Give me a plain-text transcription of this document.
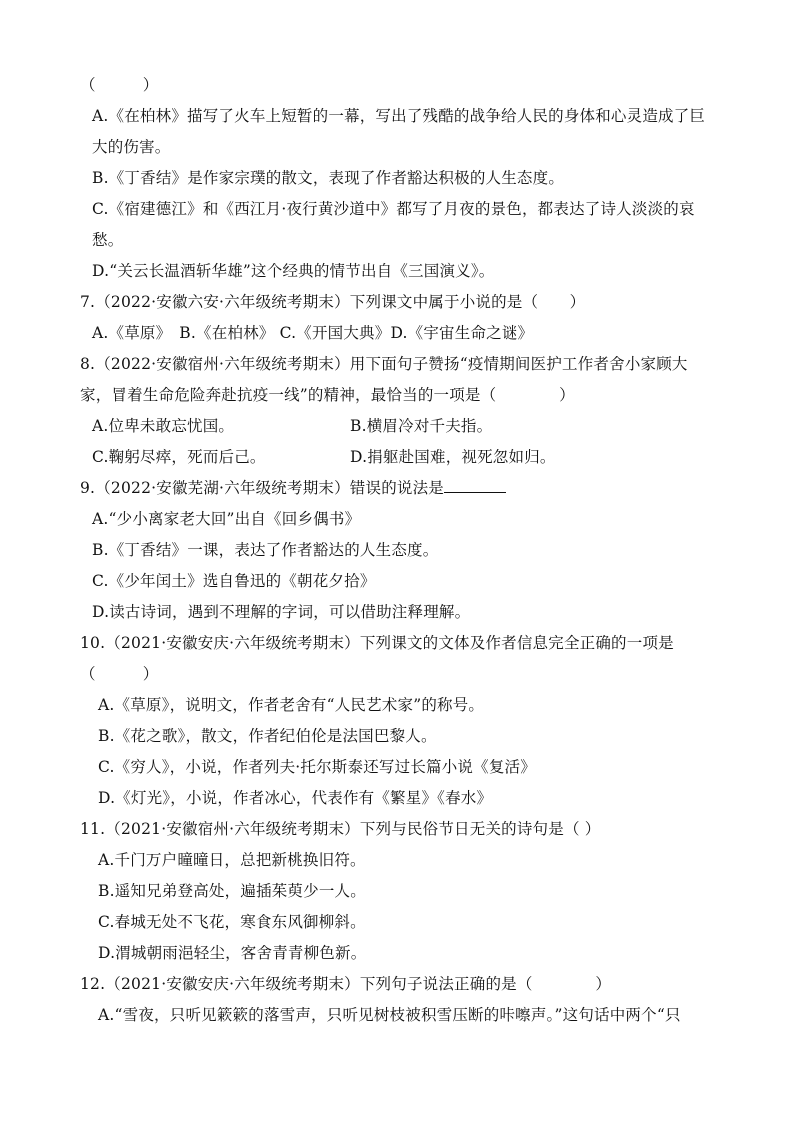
（　　　）
A.《在柏林》描写了火车上短暂的一幕，写出了残酷的战争给人民的身体和心灵造成了巨
大的伤害。
B.《丁香结》是作家宗璞的散文，表现了作者豁达积极的人生态度。
C.《宿建德江》和《西江月·夜行黄沙道中》都写了月夜的景色，都表达了诗人淡淡的哀
愁。
D.“关云长温酒斩华雄”这个经典的情节出自《三国演义》。
7.（2022·安徽六安·六年级统考期末）下列课文中属于小说的是（　　）
A.《草原》　B.《在柏林》 C.《开国大典》D.《宇宙生命之谜》
8.（2022·安徽宿州·六年级统考期末）用下面句子赞扬“疫情期间医护工作者舍小家顾大
家，冒着生命危险奔赴抗疫一线”的精神，最恰当的一项是（　　　　）
A.位卑未敢忘忧国。	B.横眉冷对千夫指。
C.鞠躬尽瘁，死而后己。	D.捐躯赴国难，视死忽如归。
9.（2022·安徽芜湖·六年级统考期末）错误的说法是
A.“少小离家老大回”出自《回乡偶书》
B.《丁香结》一课，表达了作者豁达的人生态度。
C.《少年闰土》选自鲁迅的《朝花夕拾》
D.读古诗词，遇到不理解的字词，可以借助注释理解。
10.（2021·安徽安庆·六年级统考期末）下列课文的文体及作者信息完全正确的一项是
（　　　）
A.《草原》，说明文，作者老舍有“人民艺术家”的称号。
B.《花之歌》，散文，作者纪伯伦是法国巴黎人。
C.《穷人》，小说，作者列夫·托尔斯泰还写过长篇小说《复活》
D.《灯光》，小说，作者冰心，代表作有《繁星》《春水》
11.（2021·安徽宿州·六年级统考期末）下列与民俗节日无关的诗句是（ ）
A.千门万户曈曈日，总把新桃换旧符。
B.遥知兄弟登高处，遍插茱萸少一人。
C.春城无处不飞花，寒食东风御柳斜。
D.渭城朝雨浥轻尘，客舍青青柳色新。
12.（2021·安徽安庆·六年级统考期末）下列句子说法正确的是（　　　　）
A.“雪夜，只听见簌簌的落雪声，只听见树枝被积雪压断的咔嚓声。”这句话中两个“只
